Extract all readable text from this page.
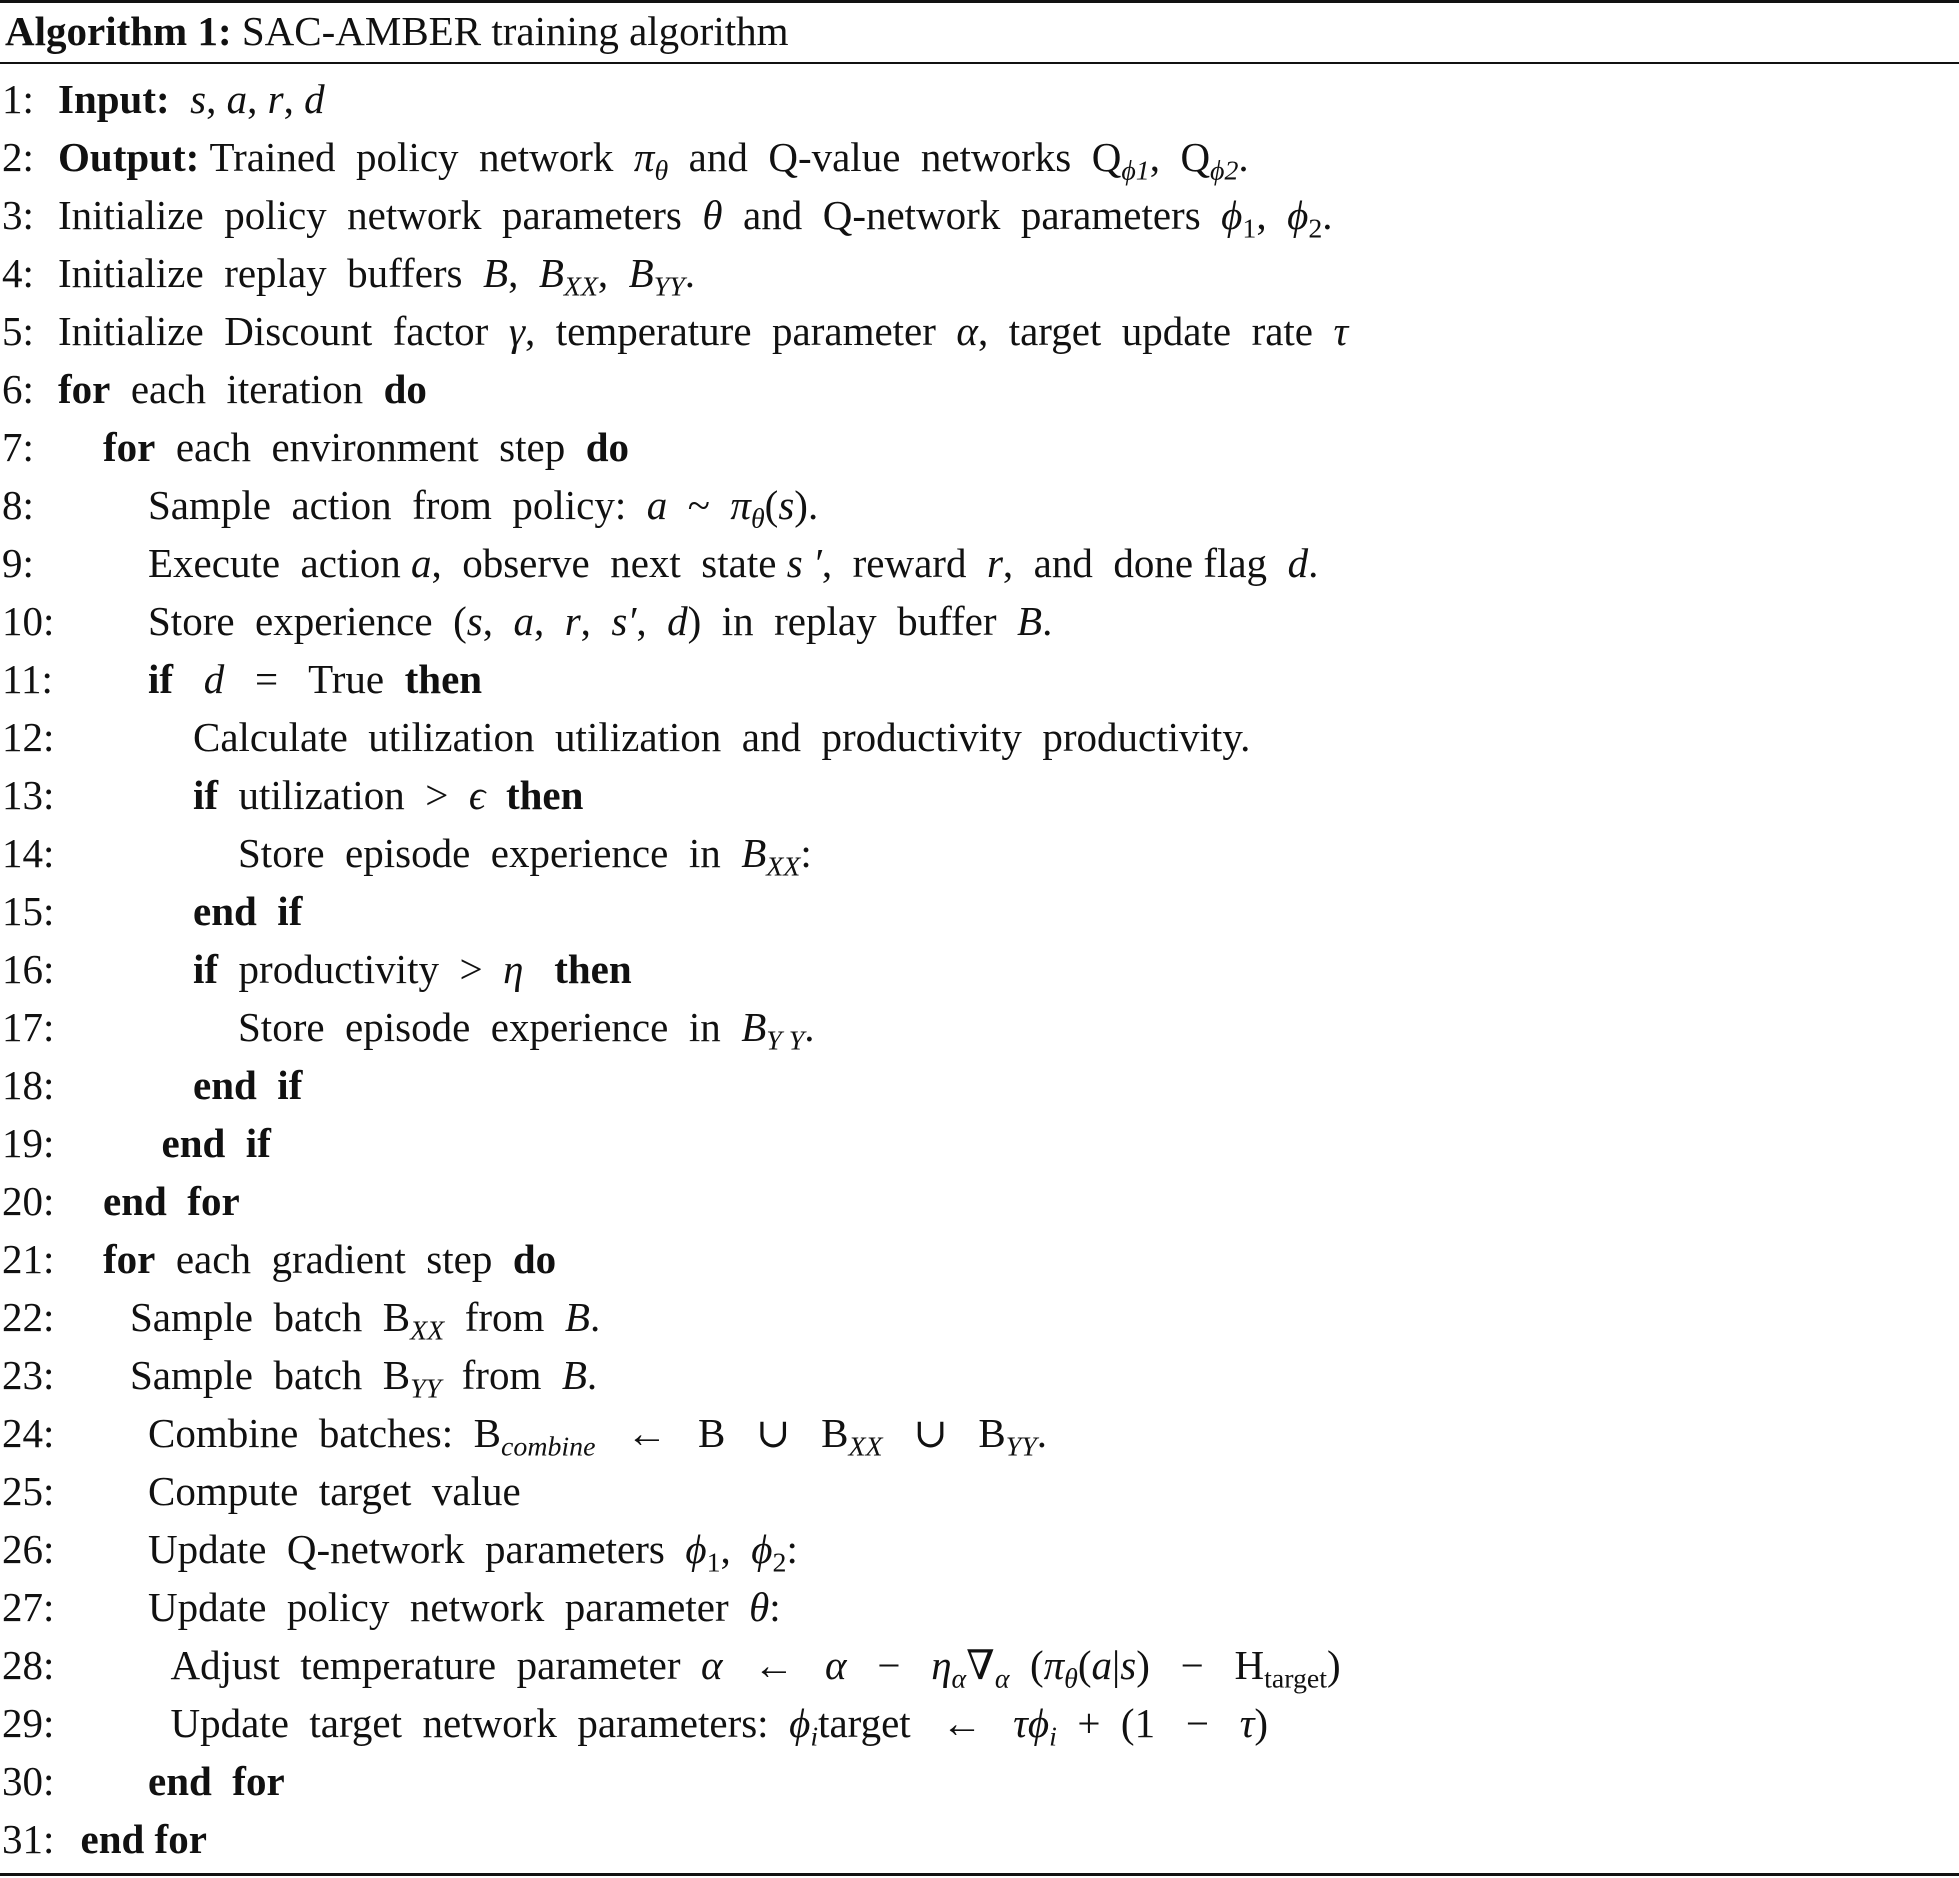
Algorithm 1: SAC-AMBER training algorithm
1: Input:  s, a, r, d
2: Output: Trained  policy  network  $\pi_\theta$  and  Q-value  networks  $Q_{\phi 1}$,  $Q_{\phi 2}$.
3: Initialize  policy  network  parameters  θ  and  Q-network  parameters  $\phi_1$,  $\phi_2$.
4: Initialize  replay  buffers  B,  $B_{XX}$,  $B_{YY}$.
5: Initialize  Discount  factor  γ,  temperature  parameter  α,  target  update  rate  τ
6: for  each  iteration  do
7: for  each  environment  step  do
8:	Sample  action  from  policy:  a  ~  $\pi_\theta(s)$.
9:	Execute  action a,  observe  next  state s ′,  reward  r,  and  done flag  d.
10: Store  experience  (s,  a,  r,  s′,  d)  in  replay  buffer  B.
11: if d   =   True  then
12:	Calculate  utilization  utilization  and  productivity  productivity.
13:	if  utilization  >  ϵ then
14:	Store  episode  experience  in  $B_{XX}$:
15:	end  if
16:	if  productivity  >  η then
17:	Store  episode  experience  in  $B_{Y Y}$.
18:	end  if
19:	end  if
20: end  for
21: for  each  gradient  step  do
22: Sample  batch  $B_{XX}$  from  B.
23: Sample  batch  $B_{YY}$  from  B.
24: Combine  batches:  $B_{combine}$   ←   B   ∪   $B_{XX}$   ∪   $B_{YY}$.
25: Compute  target  value
26: Update  Q-network  parameters  $\phi_1$,  $\phi_2$:
27: Update  policy  network  parameter  θ:
28:	Adjust  temperature  parameter  α   ←   $\alpha - \eta_\alpha\nabla_\alpha$  $(\pi_\theta(a|s) - H_{target})$
29:	Update  target  network  parameters:  $\phi_itarget$   ←   $\tau\phi_i + (1 - \tau)$
30: end  for
31: end for
